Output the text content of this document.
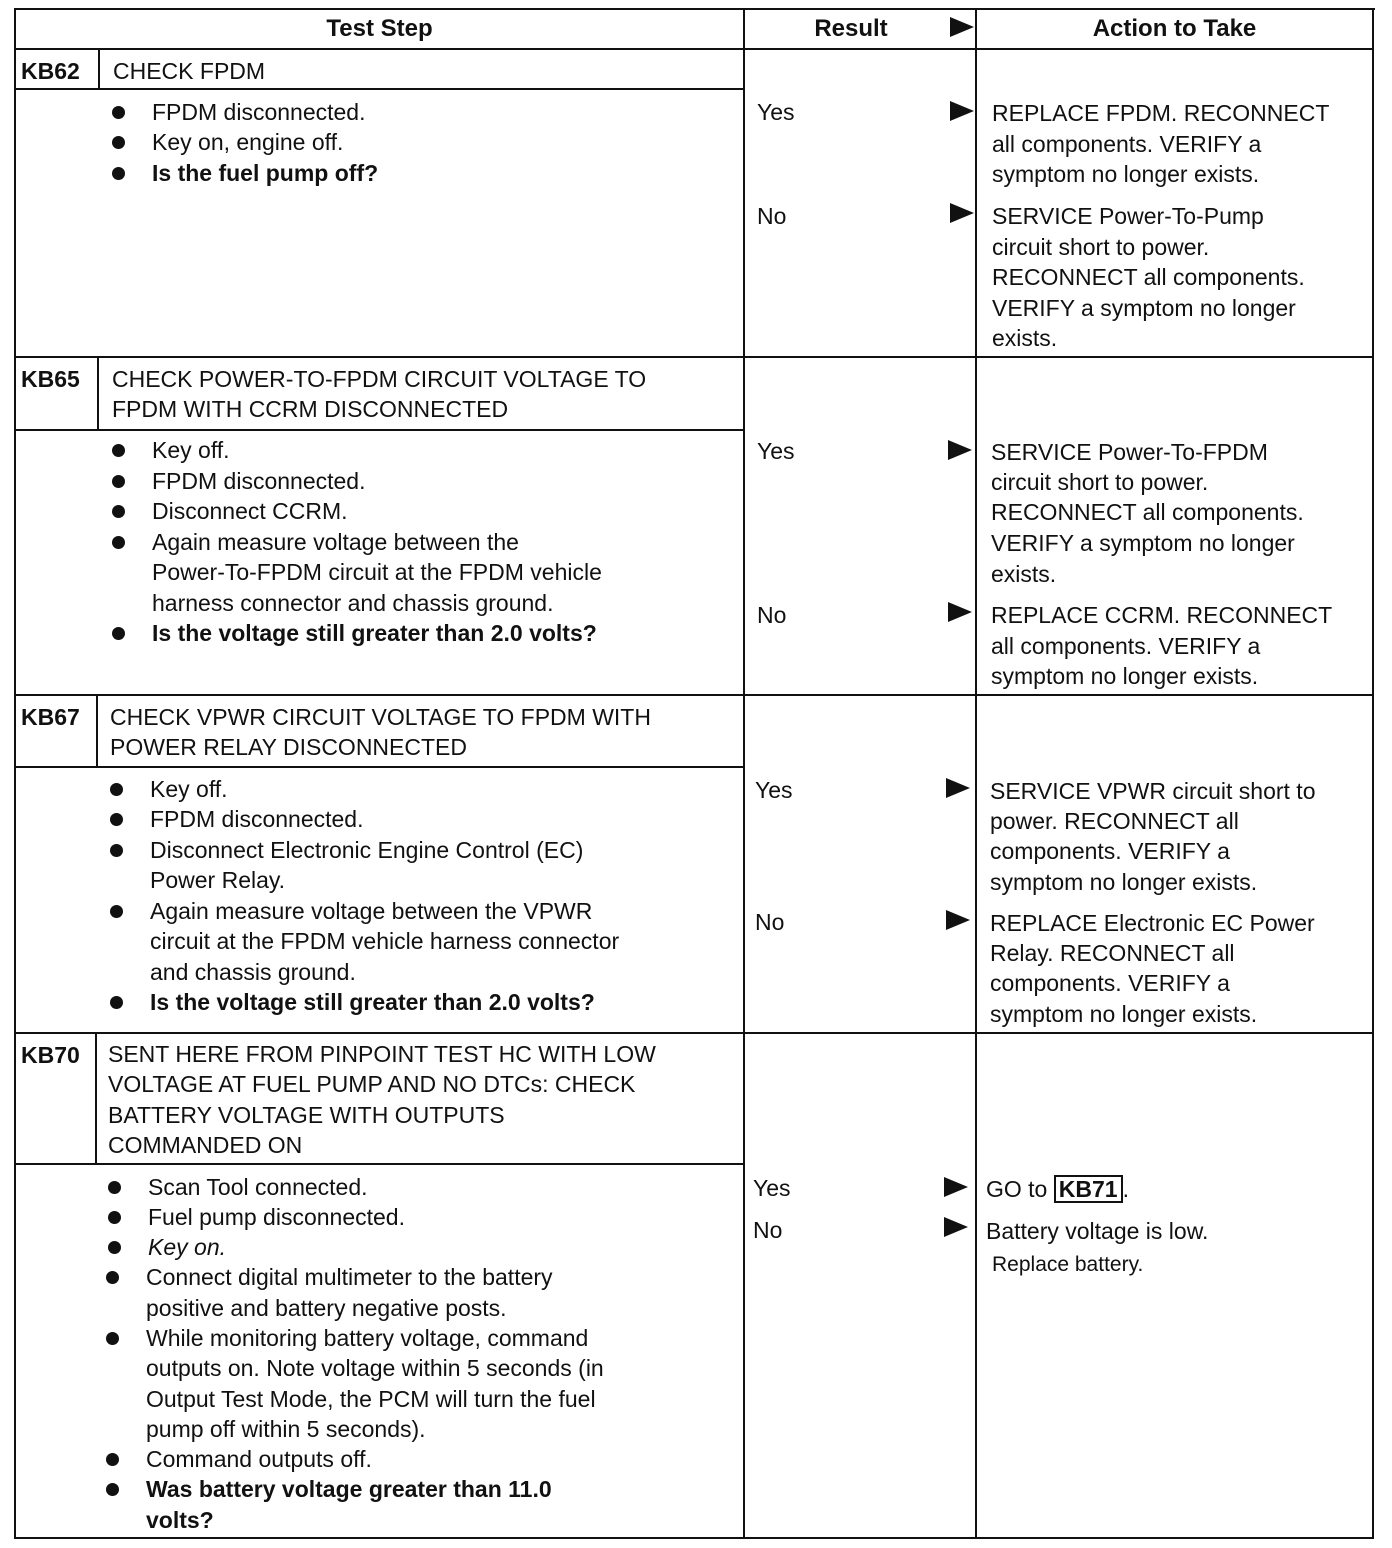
Test Step	Result	Action to Take
KB62 CHECK FPDM
FPDM disconnected.
Key on, engine off.
Is the fuel pump off?
Yes	REPLACE FPDM. RECONNECT
all components. VERIFY a
symptom no longer exists.
No	SERVICE Power-To-Pump
circuit short to power.
RECONNECT all components.
VERIFY a symptom no longer
exists.
KB65 CHECK POWER-TO-FPDM CIRCUIT VOLTAGE TO
FPDM WITH CCRM DISCONNECTED
Key off.
FPDM disconnected.
Disconnect CCRM.
Again measure voltage between the
Power-To-FPDM circuit at the FPDM vehicle
harness connector and chassis ground.
Is the voltage still greater than 2.0 volts?
Yes	SERVICE Power-To-FPDM
circuit short to power.
RECONNECT all components.
VERIFY a symptom no longer
exists.
No	REPLACE CCRM. RECONNECT
all components. VERIFY a
symptom no longer exists.
KB67 CHECK VPWR CIRCUIT VOLTAGE TO FPDM WITH
POWER RELAY DISCONNECTED
Key off.
FPDM disconnected.
Disconnect Electronic Engine Control (EC)
Power Relay.
Again measure voltage between the VPWR
circuit at the FPDM vehicle harness connector
and chassis ground.
Is the voltage still greater than 2.0 volts?
Yes	SERVICE VPWR circuit short to
power. RECONNECT all
components. VERIFY a
symptom no longer exists.
No	REPLACE Electronic EC Power
Relay. RECONNECT all
components. VERIFY a
symptom no longer exists.
KB70 SENT HERE FROM PINPOINT TEST HC WITH LOW
VOLTAGE AT FUEL PUMP AND NO DTCs: CHECK
BATTERY VOLTAGE WITH OUTPUTS
COMMANDED ON
Scan Tool connected.
Fuel pump disconnected.
Key on.
Connect digital multimeter to the battery
positive and battery negative posts.
While monitoring battery voltage, command
outputs on. Note voltage within 5 seconds (in
Output Test Mode, the PCM will turn the fuel
pump off within 5 seconds).
Command outputs off.
Was battery voltage greater than 11.0
volts?
Yes	GO to KB71 .
No	Battery voltage is low.
Replace battery.
